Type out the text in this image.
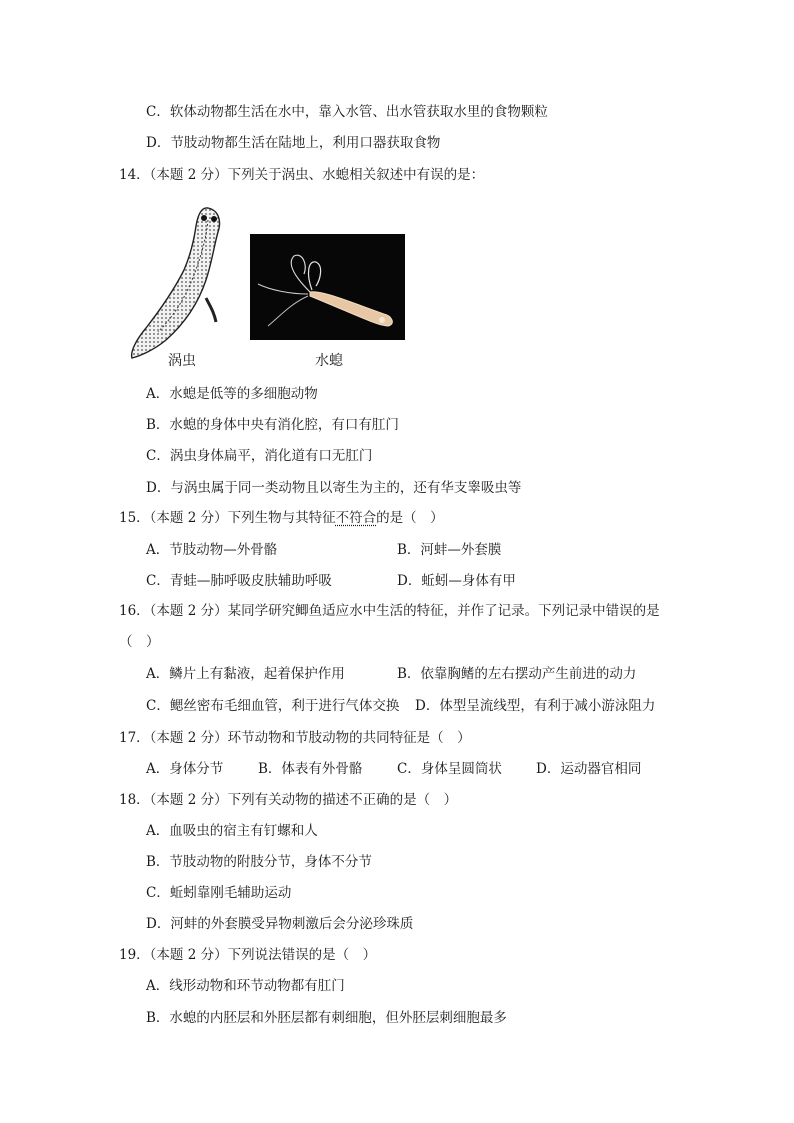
C．软体动物都生活在水中，靠入水管、出水管获取水里的食物颗粒
D．节肢动物都生活在陆地上，利用口器获取食物
14．（本题 2 分）下列关于涡虫、水螅相关叙述中有误的是：
涡虫	水螅
A．水螅是低等的多细胞动物
B．水螅的身体中央有消化腔，有口有肛门
C．涡虫身体扁平，消化道有口无肛门
D．与涡虫属于同一类动物且以寄生为主的，还有华支睾吸虫等
15．（本题 2 分）下列生物与其特征不符合的是（　）
A．节肢动物—外骨骼	B．河蚌—外套膜
C．青蛙—肺呼吸皮肤辅助呼吸	D．蚯蚓—身体有甲
16．（本题 2 分）某同学研究鲫鱼适应水中生活的特征，并作了记录。下列记录中错误的是
（　）
A．鳞片上有黏液，起着保护作用	B．依靠胸鳍的左右摆动产生前进的动力
C．鳃丝密布毛细血管，利于进行气体交换 D．体型呈流线型，有利于减小游泳阻力
17．（本题 2 分）环节动物和节肢动物的共同特征是（　）
A．身体分节	B．体表有外骨骼	C．身体呈圆筒状	D．运动器官相同
18．（本题 2 分）下列有关动物的描述不正确的是（　）
A．血吸虫的宿主有钉螺和人
B．节肢动物的附肢分节，身体不分节
C．蚯蚓靠刚毛辅助运动
D．河蚌的外套膜受异物刺激后会分泌珍珠质
19．（本题 2 分）下列说法错误的是（　）
A．线形动物和环节动物都有肛门
B．水螅的内胚层和外胚层都有刺细胞，但外胚层刺细胞最多
